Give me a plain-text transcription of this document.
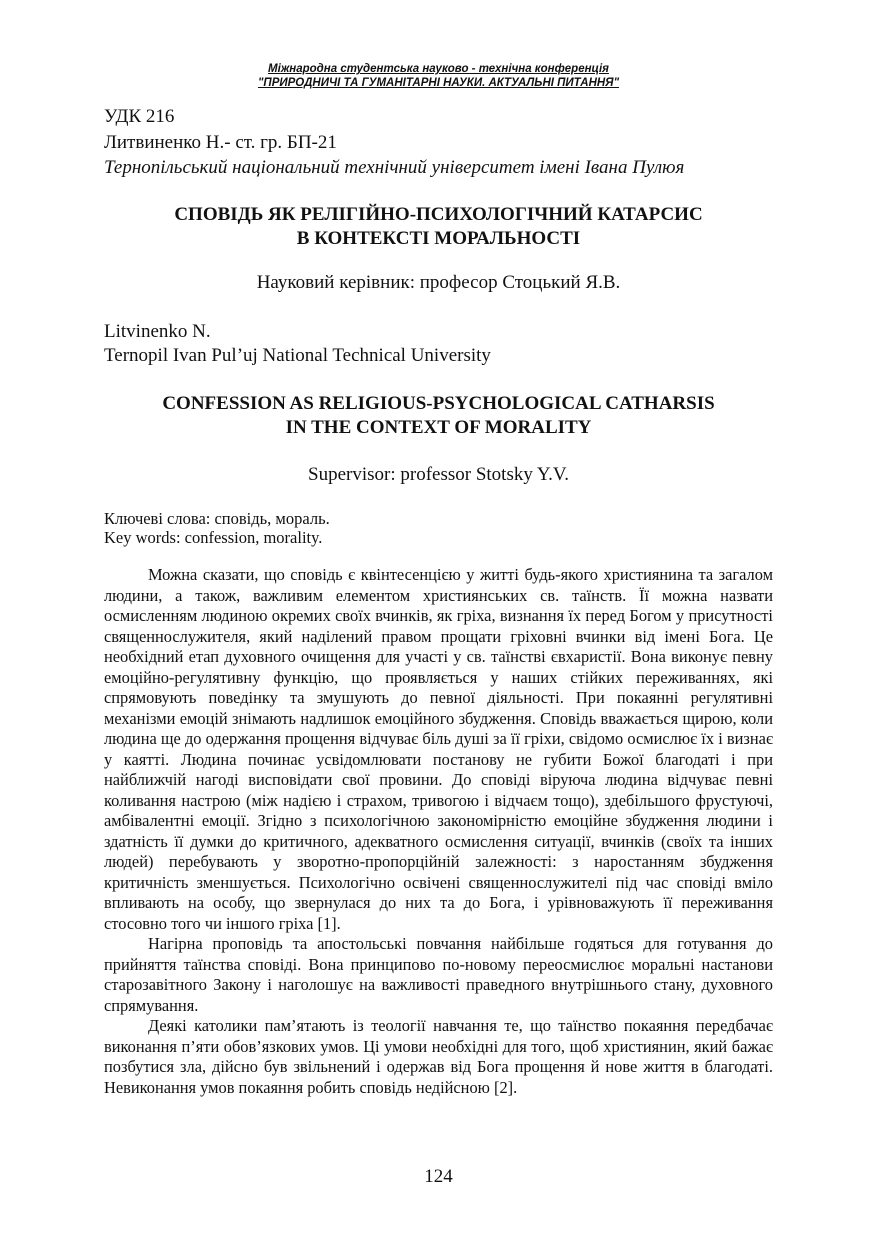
Міжнародна студентська науково - технічна конференція
"ПРИРОДНИЧІ ТА ГУМАНІТАРНІ НАУКИ. АКТУАЛЬНІ ПИТАННЯ"
УДК 216
Литвиненко Н.- ст. гр. БП-21
Тернопільський національний технічний університет імені Івана Пулюя
СПОВІДЬ ЯК РЕЛІГІЙНО-ПСИХОЛОГІЧНИЙ КАТАРСИС
В КОНТЕКСТІ МОРАЛЬНОСТІ
Науковий керівник: професор Стоцький Я.В.
Litvinenko N.
Ternopil Ivan Pul’uj National Technical University
CONFESSION AS RELIGIOUS-PSYCHOLOGICAL CATHARSIS
IN THE CONTEXT OF MORALITY
Supervisor: professor Stotsky Y.V.
Ключеві слова: сповідь, мораль.
Key words: confession, morality.

Можна сказати, що сповідь є квінтесенцією у житті будь-якого християнина та загалом людини, а також, важливим елементом християнських св. таїнств. Її можна назвати осмисленням людиною окремих своїх вчинків, як гріха, визнання їх перед Богом у присутності священнослужителя, який наділений правом прощати гріховні вчинки від імені Бога. Це необхідний етап духовного очищення для участі у св. таїнстві євхаристії. Вона виконує певну емоційно-регулятивну функцію, що проявляється у наших стійких переживаннях, які спрямовують поведінку та змушують до певної діяльності. При покаянні регулятивні механізми емоцій знімають надлишок емоційного збудження. Сповідь вважається щирою, коли людина ще до одержання прощення відчуває біль душі за її гріхи, свідомо осмислює їх і визнає у каятті. Людина починає усвідомлювати постанову не губити Божої благодаті і при найближчій нагоді висповідати свої провини. До сповіді віруюча людина відчуває певні коливання настрою (між надією і страхом, тривогою і відчаєм тощо), здебільшого фрустуючі, амбівалентні емоції. Згідно з психологічною закономірністю емоційне збудження людини і здатність її думки до критичного, адекватного осмислення ситуації, вчинків (своїх та інших людей) перебувають у зворотно-пропорційній залежності: з наростанням збудження критичність зменшується. Психологічно освічені священнослужителі під час сповіді вміло впливають на особу, що звернулася до них та до Бога, і урівноважують її переживання стосовно того чи іншого гріха [1].

Нагірна проповідь та апостольські повчання найбільше годяться для готування до прийняття таїнства сповіді. Вона принципово по-новому переосмислює моральні настанови старозавітного Закону і наголошує на важливості праведного внутрішнього стану, духовного спрямування.

Деякі католики пам’ятають із теології навчання те, що таїнство покаяння передбачає виконання п’яти обов’язкових умов. Ці умови необхідні для того, щоб християнин, який бажає позбутися зла, дійсно був звільнений і одержав від Бога прощення й нове життя в благодаті. Невиконання умов покаяння робить сповідь недійсною [2].

124
